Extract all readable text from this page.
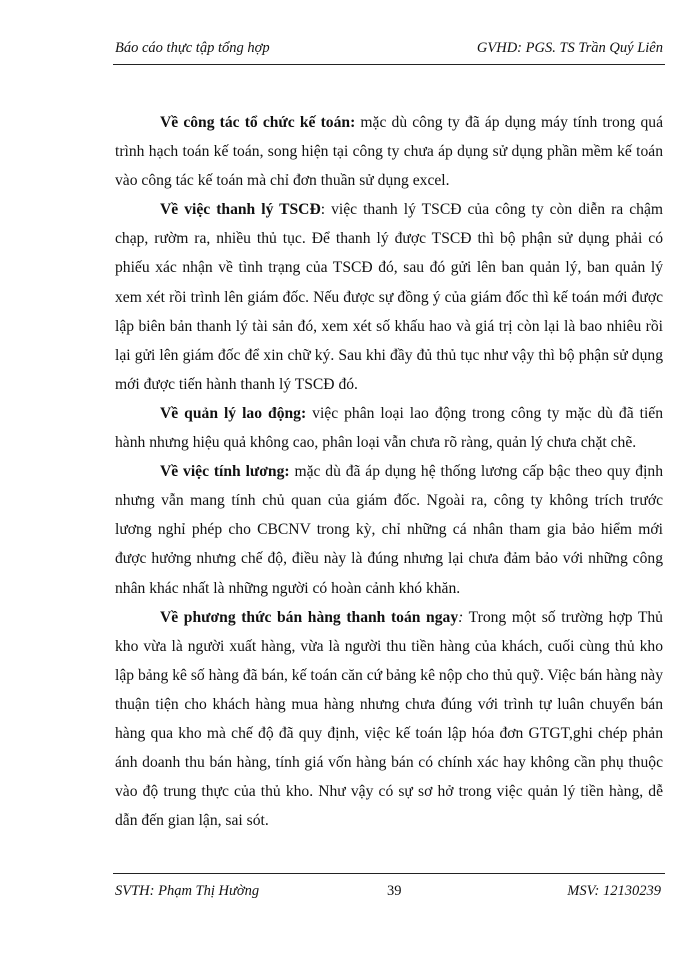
Báo cáo thực tập tổng hợp	GVHD: PGS. TS Trần Quý Liên

Về công tác tổ chức kế toán: mặc dù công ty đã áp dụng máy tính trong quá trình hạch toán kế toán, song hiện tại công ty chưa áp dụng sử dụng phần mềm kế toán vào công tác kế toán mà chỉ đơn thuần sử dụng excel.

Về việc thanh lý TSCĐ: việc thanh lý TSCĐ của công ty còn diễn ra chậm chạp, rườm ra, nhiều thủ tục. Để thanh lý được TSCĐ thì bộ phận sử dụng phải có phiếu xác nhận về tình trạng của TSCĐ đó, sau đó gửi lên ban quản lý, ban quản lý xem xét rồi trình lên giám đốc. Nếu được sự đồng ý của giám đốc thì kế toán mới được lập biên bản thanh lý tài sản đó, xem xét số khấu hao và giá trị còn lại là bao nhiêu rồi lại gửi lên giám đốc để xin chữ ký. Sau khi đầy đủ thủ tục như vậy thì bộ phận sử dụng mới được tiến hành thanh lý TSCĐ đó.

Về quản lý lao động: việc phân loại lao động trong công ty mặc dù đã tiến hành nhưng hiệu quả không cao, phân loại vẫn chưa rõ ràng, quản lý chưa chặt chẽ.

Về việc tính lương: mặc dù đã áp dụng hệ thống lương cấp bậc theo quy định nhưng vẫn mang tính chủ quan của giám đốc. Ngoài ra, công ty không trích trước lương nghỉ phép cho CBCNV trong kỳ, chỉ những cá nhân tham gia bảo hiểm mới được hưởng nhưng chế độ, điều này là đúng nhưng lại chưa đảm bảo với những công nhân khác nhất là những người có hoàn cảnh khó khăn.

Về phương thức bán hàng thanh toán ngay: Trong một số trường hợp Thủ kho vừa là người xuất hàng, vừa là người thu tiền hàng của khách, cuối cùng thủ kho lập bảng kê số hàng đã bán, kế toán căn cứ bảng kê nộp cho thủ quỹ. Việc bán hàng này thuận tiện cho khách hàng mua hàng nhưng chưa đúng với trình tự luân chuyển bán hàng qua kho mà chế độ đã quy định, việc kế toán lập hóa đơn GTGT,ghi chép phản ánh doanh thu bán hàng, tính giá vốn hàng bán có chính xác hay không cần phụ thuộc vào độ trung thực của thủ kho. Như vậy có sự sơ hở trong việc quản lý tiền hàng, dễ dẫn đến gian lận, sai sót.

SVTH: Phạm Thị Hường	39	MSV: 12130239
